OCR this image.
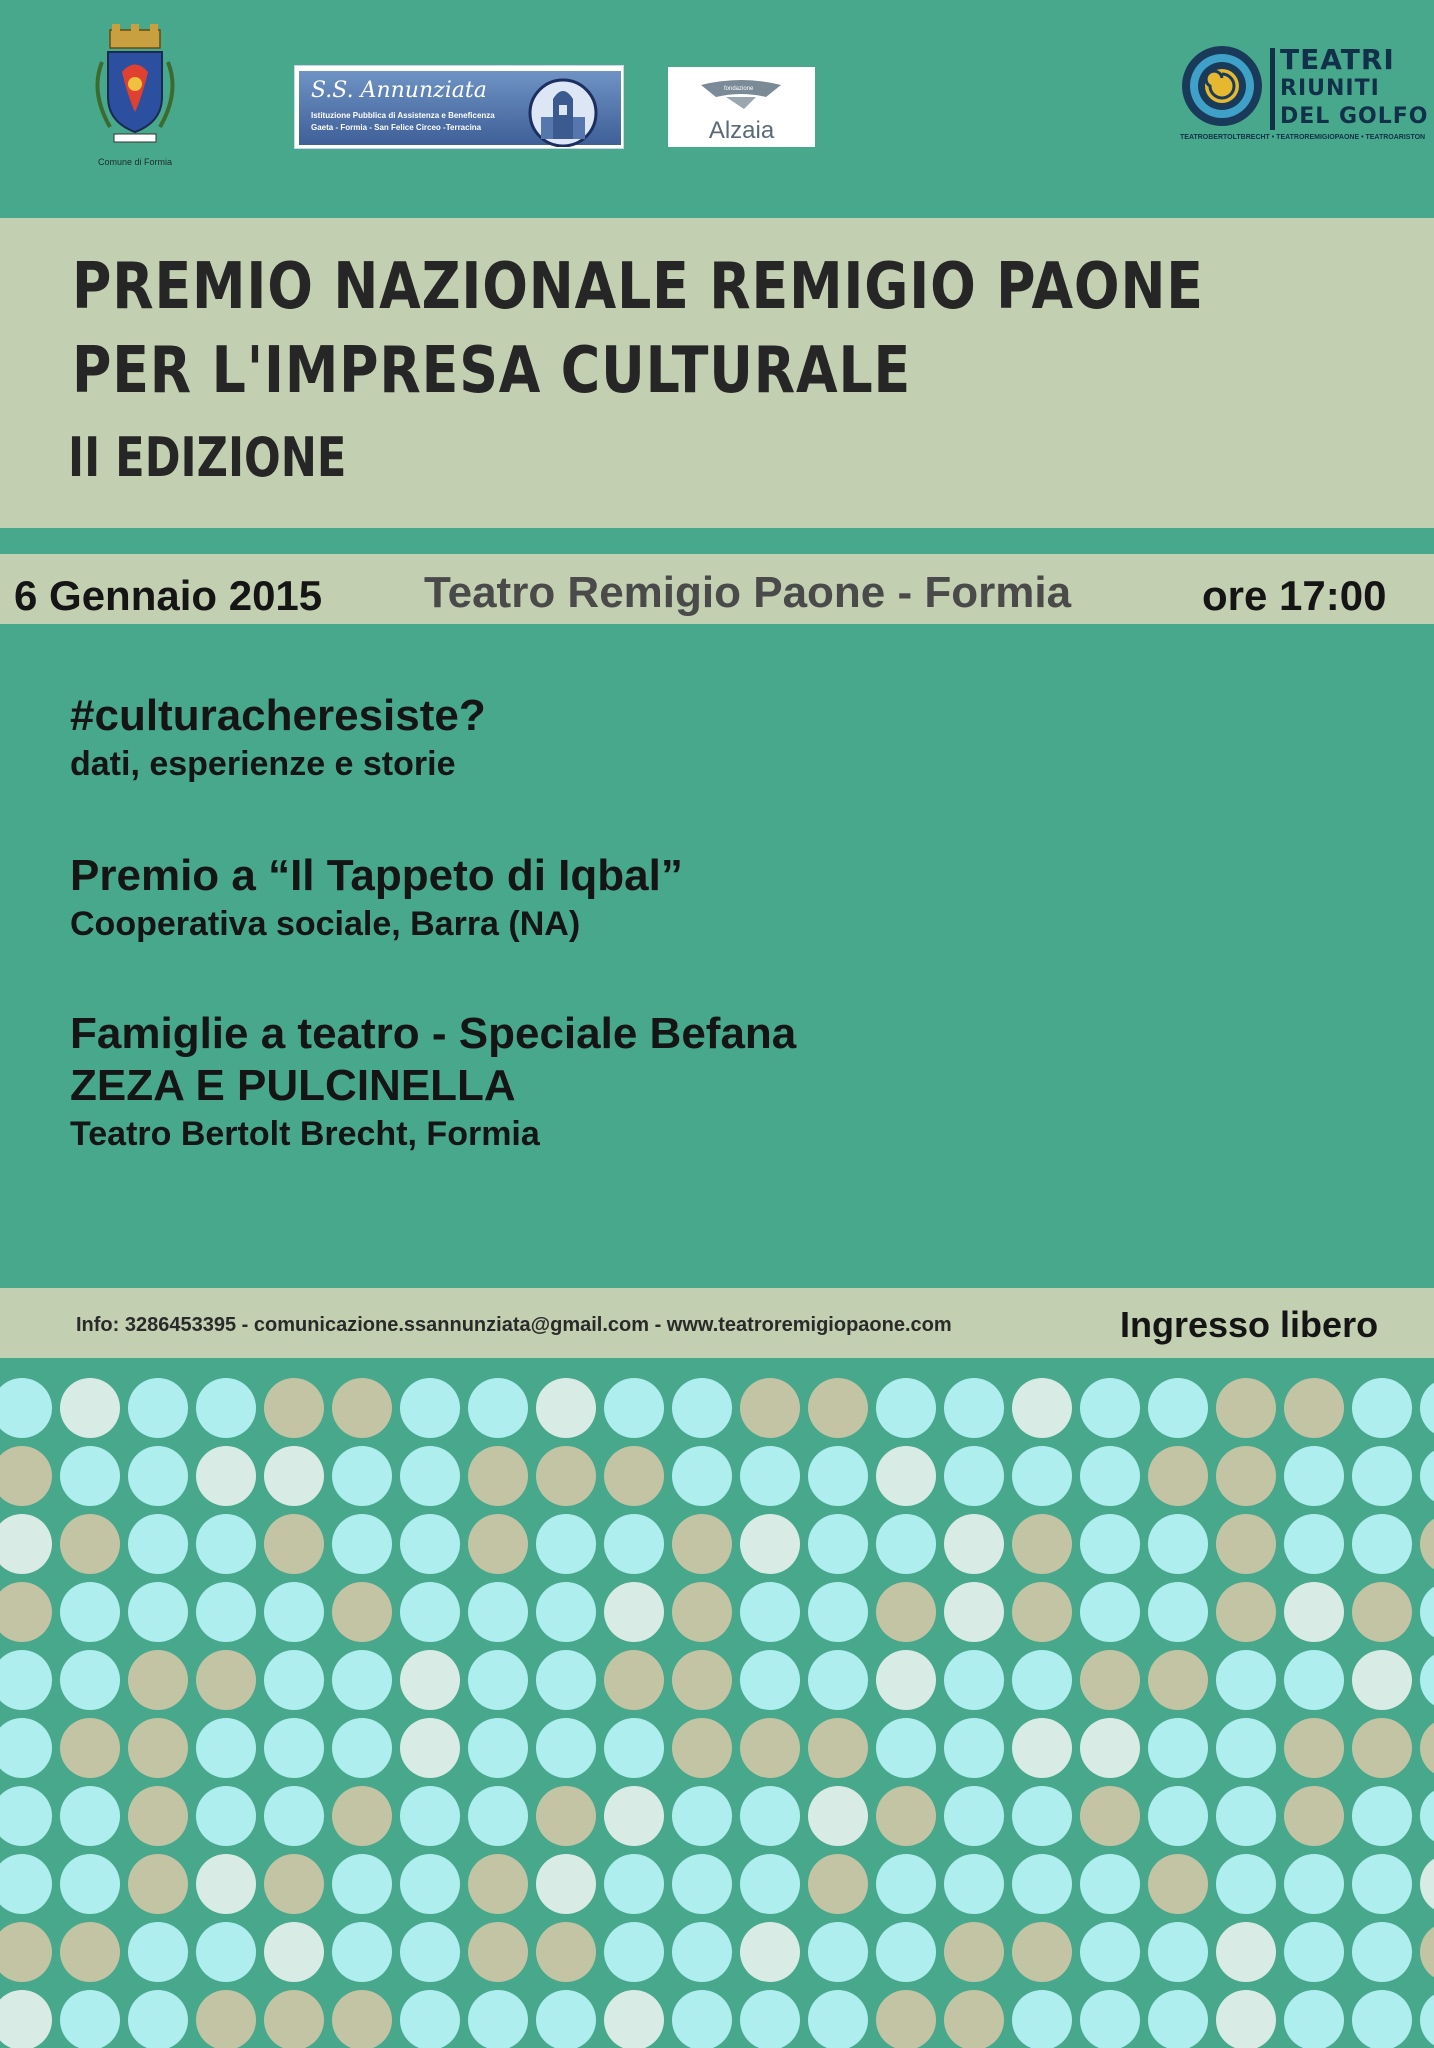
Comune di Formia
S.S. Annunziata
Istituzione Pubblica di Assistenza e Beneficenza
Gaeta - Formia - San Felice Circeo -Terracina
fondazione
Alzaia
TEATRI
RIUNITI
DEL GOLFO
TEATROBERTOLTBRECHT • TEATROREMIGIOPAONE • TEATROARISTON
PREMIO NAZIONALE REMIGIO PAONE
PER L'IMPRESA CULTURALE
II EDIZIONE
6 Gennaio 2015 Teatro Remigio Paone - Formia	ore 17:00
#culturacheresiste?
dati, esperienze e storie
Premio a “Il Tappeto di Iqbal”
Cooperativa sociale, Barra (NA)
Famiglie a teatro - Speciale Befana
ZEZA E PULCINELLA
Teatro Bertolt Brecht, Formia
Info: 3286453395 - comunicazione.ssannunziata@gmail.com - www.teatroremigiopaone.com	Ingresso libero
